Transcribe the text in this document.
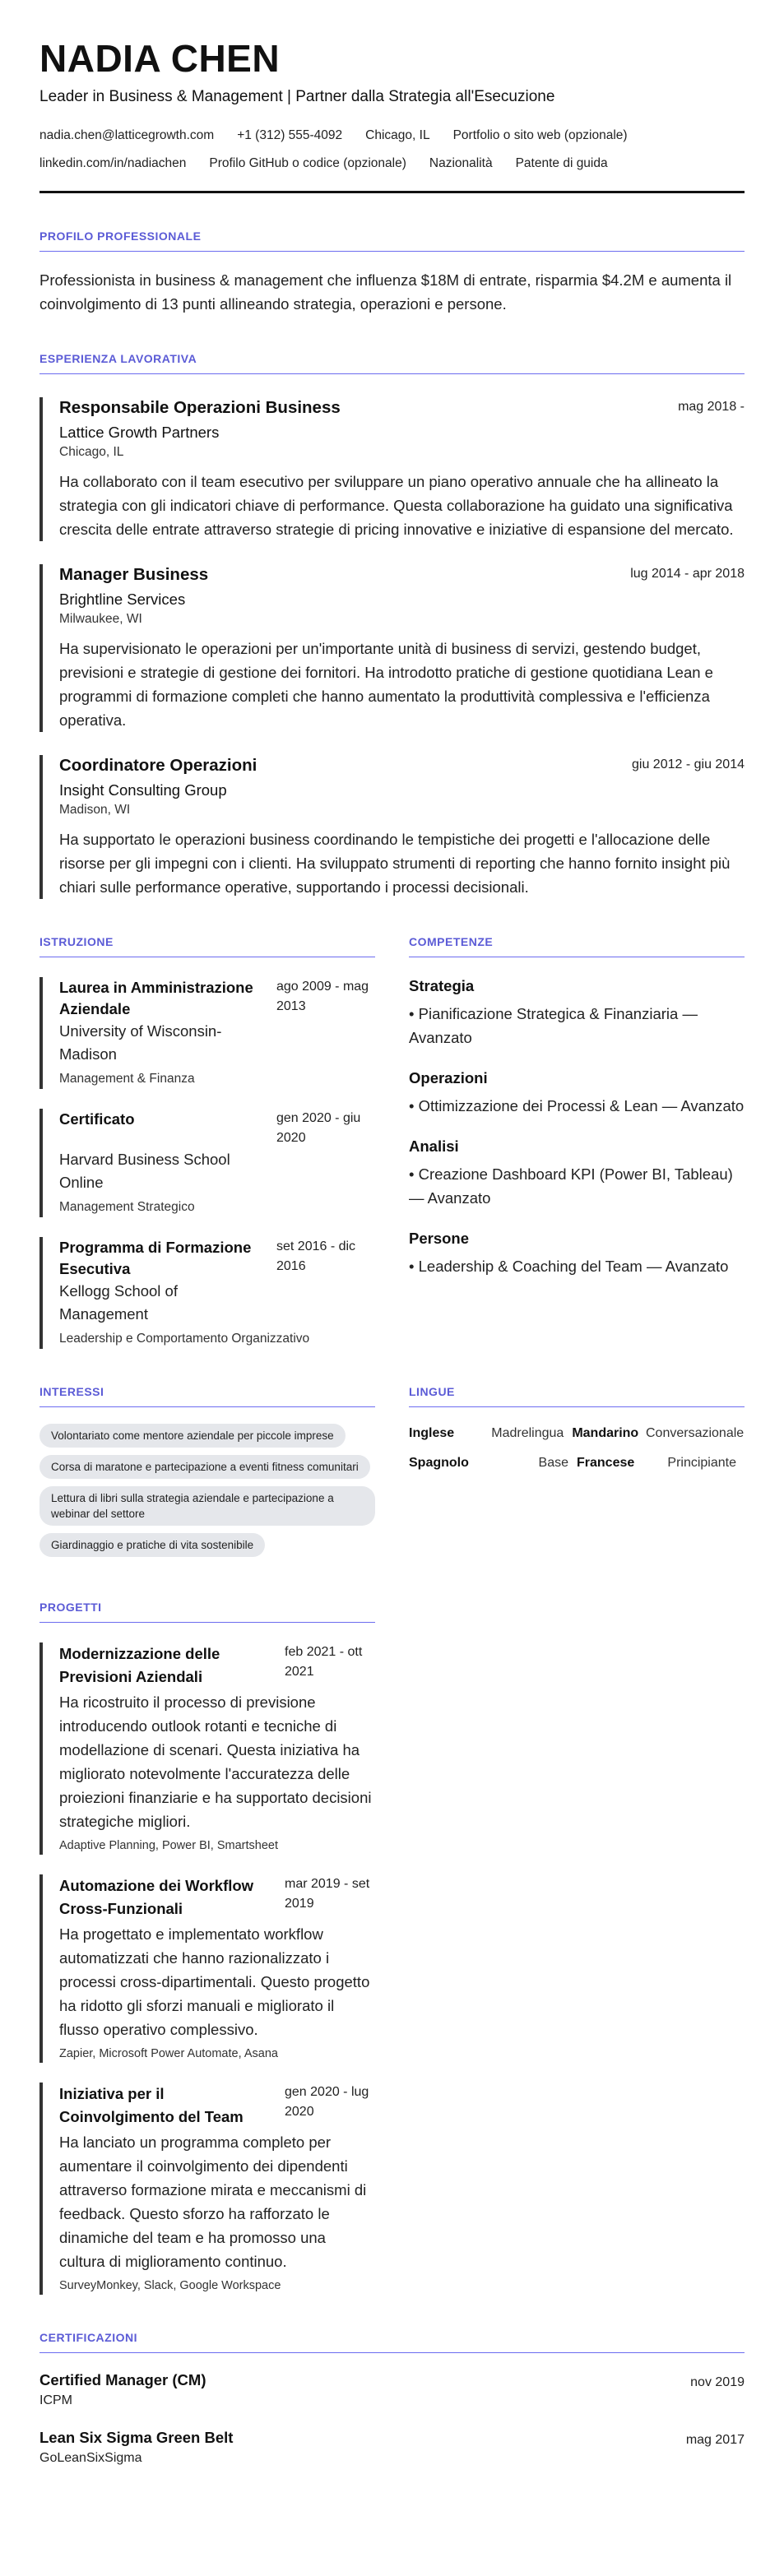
NADIA CHEN
Leader in Business & Management | Partner dalla Strategia all'Esecuzione
nadia.chen@latticegrowth.com +1 (312) 555-4092 Chicago, IL Portfolio o sito web (opzionale)
linkedin.com/in/nadiachen Profilo GitHub o codice (opzionale) Nazionalità Patente di guida
PROFILO PROFESSIONALE
Professionista in business & management che influenza $18M di entrate, risparmia $4.2M e aumenta il coinvolgimento di 13 punti allineando strategia, operazioni e persone.
ESPERIENZA LAVORATIVA
Responsabile Operazioni Business	mag 2018 -
Lattice Growth Partners
Chicago, IL
Ha collaborato con il team esecutivo per sviluppare un piano operativo annuale che ha allineato la strategia con gli indicatori chiave di performance. Questa collaborazione ha guidato una significativa crescita delle entrate attraverso strategie di pricing innovative e iniziative di espansione del mercato.
Manager Business	lug 2014 - apr 2018
Brightline Services
Milwaukee, WI
Ha supervisionato le operazioni per un'importante unità di business di servizi, gestendo budget, previsioni e strategie di gestione dei fornitori. Ha introdotto pratiche di gestione quotidiana Lean e programmi di formazione completi che hanno aumentato la produttività complessiva e l'efficienza operativa.
Coordinatore Operazioni	giu 2012 - giu 2014
Insight Consulting Group
Madison, WI
Ha supportato le operazioni business coordinando le tempistiche dei progetti e l'allocazione delle risorse per gli impegni con i clienti. Ha sviluppato strumenti di reporting che hanno fornito insight più chiari sulle performance operative, supportando i processi decisionali.
ISTRUZIONE
Laurea in Amministrazione Aziendale
ago 2009 - mag 2013
University of Wisconsin-Madison
Management & Finanza
Certificato	gen 2020 - giu 2020
Harvard Business School Online
Management Strategico
Programma di Formazione Esecutiva
set 2016 - dic 2016
Kellogg School of Management
Leadership e Comportamento Organizzativo
COMPETENZE
Strategia
• Pianificazione Strategica & Finanziaria — Avanzato
Operazioni
• Ottimizzazione dei Processi & Lean — Avanzato
Analisi
• Creazione Dashboard KPI (Power BI, Tableau) — Avanzato
Persone
• Leadership & Coaching del Team — Avanzato
INTERESSI
Volontariato come mentore aziendale per piccole imprese Corsa di maratone e partecipazione a eventi fitness comunitari Lettura di libri sulla strategia aziendale e partecipazione a webinar del settore Giardinaggio e pratiche di vita sostenibile
LINGUE
Inglese	Madrelingua Mandarino Conversazionale
Spagnolo	Base Francese	Principiante
PROGETTI
Modernizzazione delle Previsioni Aziendali
feb 2021 - ott 2021
Ha ricostruito il processo di previsione introducendo outlook rotanti e tecniche di modellazione di scenari. Questa iniziativa ha migliorato notevolmente l'accuratezza delle proiezioni finanziarie e ha supportato decisioni strategiche migliori.
Adaptive Planning, Power BI, Smartsheet
Automazione dei Workflow Cross-Funzionali
mar 2019 - set 2019
Ha progettato e implementato workflow automatizzati che hanno razionalizzato i processi cross-dipartimentali. Questo progetto ha ridotto gli sforzi manuali e migliorato il flusso operativo complessivo.
Zapier, Microsoft Power Automate, Asana
Iniziativa per il Coinvolgimento del Team
gen 2020 - lug 2020
Ha lanciato un programma completo per aumentare il coinvolgimento dei dipendenti attraverso formazione mirata e meccanismi di feedback. Questo sforzo ha rafforzato le dinamiche del team e ha promosso una cultura di miglioramento continuo.
SurveyMonkey, Slack, Google Workspace
CERTIFICAZIONI
Certified Manager (CM)
ICPM
nov 2019
Lean Six Sigma Green Belt
GoLeanSixSigma
mag 2017
